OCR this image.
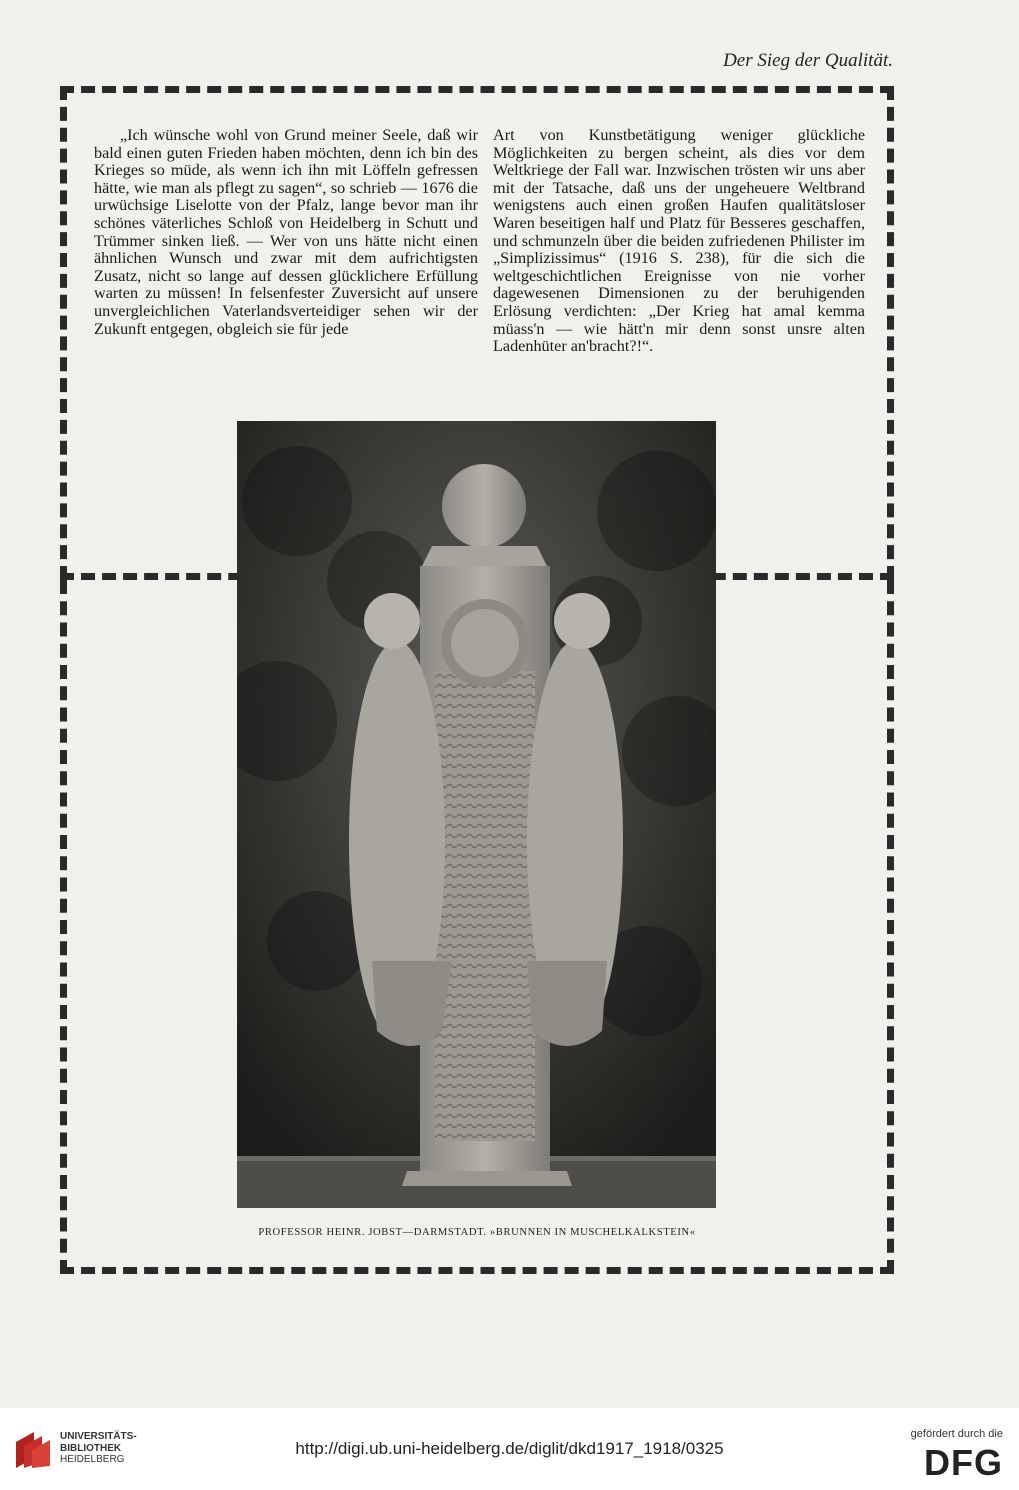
Der Sieg der Qualität.

„Ich wünsche wohl von Grund meiner Seele, daß wir bald einen guten Frieden haben möchten, denn ich bin des Krieges so müde, als wenn ich ihn mit Löffeln gefressen hätte, wie man als pflegt zu sagen“, so schrieb — 1676 die urwüchsige Liselotte von der Pfalz, lange bevor man ihr schönes väterliches Schloß von Heidelberg in Schutt und Trümmer sinken ließ. — Wer von uns hätte nicht einen ähnlichen Wunsch und zwar mit dem aufrichtigsten Zusatz, nicht so lange auf dessen glücklichere Erfüllung warten zu müssen! In felsenfester Zuversicht auf unsere unvergleichlichen Vaterlandsverteidiger sehen wir der Zukunft entgegen, obgleich sie für jede

Art von Kunstbetätigung weniger glückliche Möglichkeiten zu bergen scheint, als dies vor dem Weltkriege der Fall war. Inzwischen trösten wir uns aber mit der Tatsache, daß uns der ungeheuere Weltbrand wenigstens auch einen großen Haufen qualitätsloser Waren beseitigen half und Platz für Besseres geschaffen, und schmunzeln über die beiden zufriedenen Philister im „Simplizissimus“ (1916 S. 238), für die sich die weltgeschichtlichen Ereignisse von nie vorher dagewesenen Dimensionen zu der beruhigenden Erlösung verdichten: „Der Krieg hat amal kemma müass'n — wie hätt'n mir denn sonst unsre alten Ladenhüter an'bracht?!“.

PROFESSOR HEINR. JOBST—DARMSTADT. »BRUNNEN IN MUSCHELKALKSTEIN«
UNIVERSITÄTS-
BIBLIOTHEK
HEIDELBERG
http://digi.ub.uni-heidelberg.de/diglit/dkd1917_1918/0325
gefördert durch die
DFG
